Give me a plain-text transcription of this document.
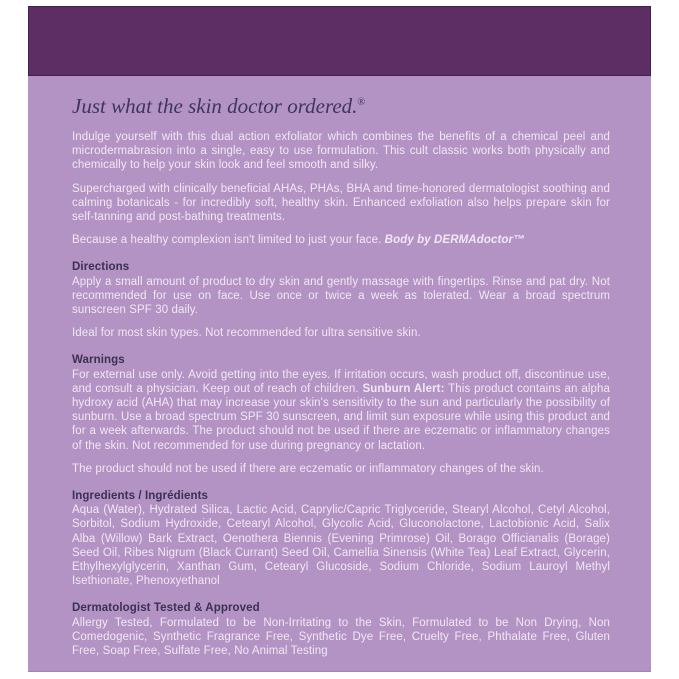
Just what the skin doctor ordered.®

Indulge yourself with this dual action exfoliator which combines the benefits of a chemical peel and microdermabrasion into a single, easy to use formulation. This cult classic works both physically and chemically to help your skin look and feel smooth and silky.

Supercharged with clinically beneficial AHAs, PHAs, BHA and time-honored dermatologist soothing and calming botanicals - for incredibly soft, healthy skin. Enhanced exfoliation also helps prepare skin for self-tanning and post-bathing treatments.

Because a healthy complexion isn't limited to just your face. Body by DERMAdoctor™

Directions

Apply a small amount of product to dry skin and gently massage with fingertips. Rinse and pat dry. Not recommended for use on face. Use once or twice a week as tolerated. Wear a broad spectrum sunscreen SPF 30 daily.

Ideal for most skin types. Not recommended for ultra sensitive skin.

Warnings

For external use only. Avoid getting into the eyes. If irritation occurs, wash product off, discontinue use, and consult a physician. Keep out of reach of children. Sunburn Alert: This product contains an alpha hydroxy acid (AHA) that may increase your skin's sensitivity to the sun and particularly the possibility of sunburn. Use a broad spectrum SPF 30 sunscreen, and limit sun exposure while using this product and for a week afterwards. The product should not be used if there are eczematic or inflammatory changes of the skin. Not recommended for use during pregnancy or lactation.

The product should not be used if there are eczematic or inflammatory changes of the skin.

Ingredients / Ingrédients

Aqua (Water), Hydrated Silica, Lactic Acid, Caprylic/Capric Triglyceride, Stearyl Alcohol, Cetyl Alcohol, Sorbitol, Sodium Hydroxide, Cetearyl Alcohol, Glycolic Acid, Gluconolactone, Lactobionic Acid, Salix Alba (Willow) Bark Extract, Oenothera Biennis (Evening Primrose) Oil, Borago Officianalis (Borage) Seed Oil, Ribes Nigrum (Black Currant) Seed Oil, Camellia Sinensis (White Tea) Leaf Extract, Glycerin, Ethylhexylglycerin, Xanthan Gum, Cetearyl Glucoside, Sodium Chloride, Sodium Lauroyl Methyl Isethionate, Phenoxyethanol

Dermatologist Tested & Approved

Allergy Tested, Formulated to be Non-Irritating to the Skin, Formulated to be Non Drying, Non Comedogenic, Synthetic Fragrance Free, Synthetic Dye Free, Cruelty Free, Phthalate Free, Gluten Free, Soap Free, Sulfate Free, No Animal Testing
